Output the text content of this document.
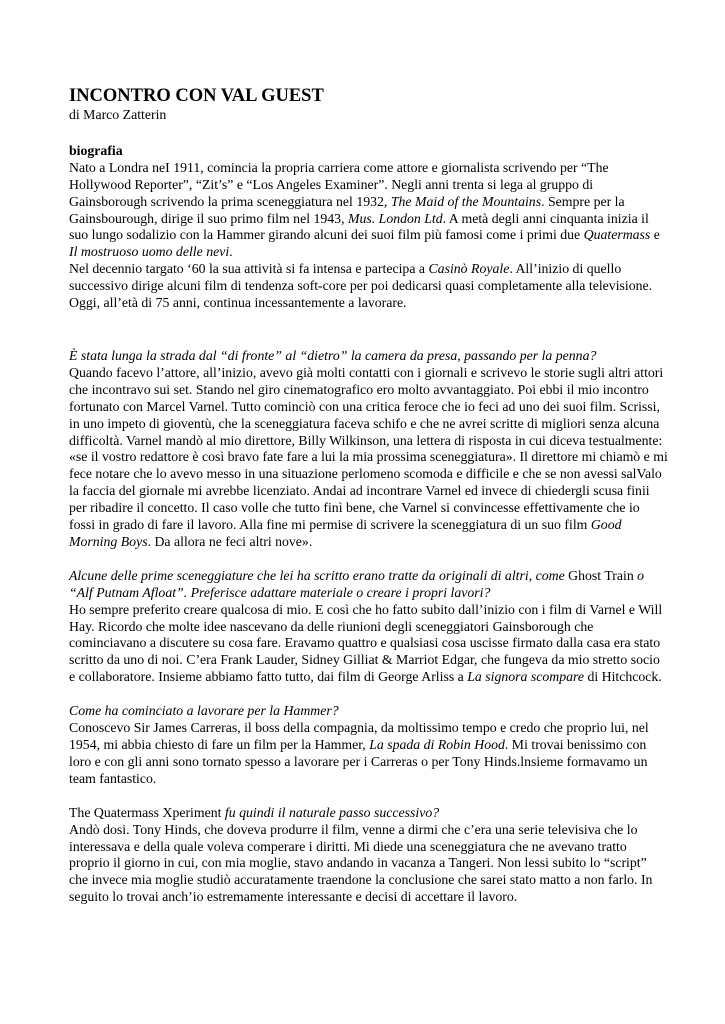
INCONTRO CON VAL GUEST

di Marco Zatterin

biografia

Nato a Londra neI 1911, comincia la propria carriera come attore e giornalista scrivendo per “The Hollywood Reporter”, “Zit’s” e “Los Angeles Examiner”. Negli anni trenta si lega al gruppo di Gainsborough scrivendo la prima sceneggiatura nel 1932, The Maid of the Mountains. Sempre per la Gainsbourough, dirige il suo primo film nel 1943, Mus. London Ltd. A metà degli anni cinquanta inizia il suo lungo sodalizio con la Hammer girando alcuni dei suoi film più famosi come i primi due Quatermass e Il mostruoso uomo delle nevi.

Nel decennio targato ‘60 la sua attività si fa intensa e partecipa a Casinò Royale. All’inizio di quello successivo dirige alcuni film di tendenza soft-core per poi dedicarsi quasi completamente alla televisione. Oggi, all’età di 75 anni, continua incessantemente a lavorare.

È stata lunga la strada dal “di fronte” al “dietro” la camera da presa, passando per la penna?

Quando facevo l’attore, all’inizio, avevo già molti contatti con i giornali e scrivevo le storie sugli altri attori che incontravo sui set. Stando nel giro cinematografico ero molto avvantaggiato. Poi ebbi il mio incontro fortunato con Marcel Varnel. Tutto cominciò con una critica feroce che io feci ad uno dei suoi film. Scrissi, in uno impeto di gioventù, che la sceneggiatura faceva schifo e che ne avrei scritte di migliori senza alcuna difficoltà. Varnel mandò al mio direttore, Billy Wilkinson, una lettera di risposta in cui diceva testualmente: «se il vostro redattore è così bravo fate fare a lui la mia prossima sceneggiatura». Il direttore mi chiamò e mi fece notare che lo avevo messo in una situazione perlomeno scomoda e difficile e che se non avessi salValo la faccia del giornale mi avrebbe licenziato. Andai ad incontrare Varnel ed invece di chiedergli scusa finii per ribadire il concetto. Il caso volle che tutto finì bene, che Varnel si convincesse effettivamente che io fossi in grado di fare il lavoro. Alla fine mi permise di scrivere la sceneggiatura di un suo film Good Morning Boys. Da allora ne feci altri nove».

Alcune delle prime sceneggiature che lei ha scritto erano tratte da originali di altri, come Ghost Train o “Alf Putnam Afloat”. Preferisce adattare materiale o creare i propri lavori?

Ho sempre preferito creare qualcosa di mio. E così che ho fatto subito dall’inizio con i film di Varnel e Will Hay. Ricordo che molte idee nascevano da delle riunioni degli sceneggiatori Gainsborough che cominciavano a discutere su cosa fare. Eravamo quattro e qualsiasi cosa uscisse firmato dalla casa era stato scritto da uno di noi. C’era Frank Lauder, Sidney Gilliat & Marriot Edgar, che fungeva da mio stretto socio e collaboratore. Insieme abbiamo fatto tutto, dai film di George Arliss a La signora scompare di Hitchcock.

Come ha cominciato a lavorare per la Hammer?

Conoscevo Sir James Carreras, il boss della compagnia, da moltissimo tempo e credo che proprio lui, nel 1954, mi abbia chiesto di fare un film per la Hammer, La spada di Robin Hood. Mi trovai benissimo con loro e con gli anni sono tornato spesso a lavorare per i Carreras o per Tony Hinds.lnsieme formavamo un team fantastico.

The Quatermass Xperiment fu quindi il naturale passo successivo?

Andò dosi. Tony Hinds, che doveva produrre il film, venne a dirmi che c’era una serie televisiva che lo interessava e della quale voleva comperare i diritti. Mi diede una sceneggiatura che ne avevano tratto proprio il giorno in cui, con mia moglie, stavo andando in vacanza a Tangeri. Non lessi subito lo “script” che invece mia moglie studiò accuratamente traendone la conclusione che sarei stato matto a non farlo. In seguito lo trovai anch’io estremamente interessante e decisi di accettare il lavoro.
